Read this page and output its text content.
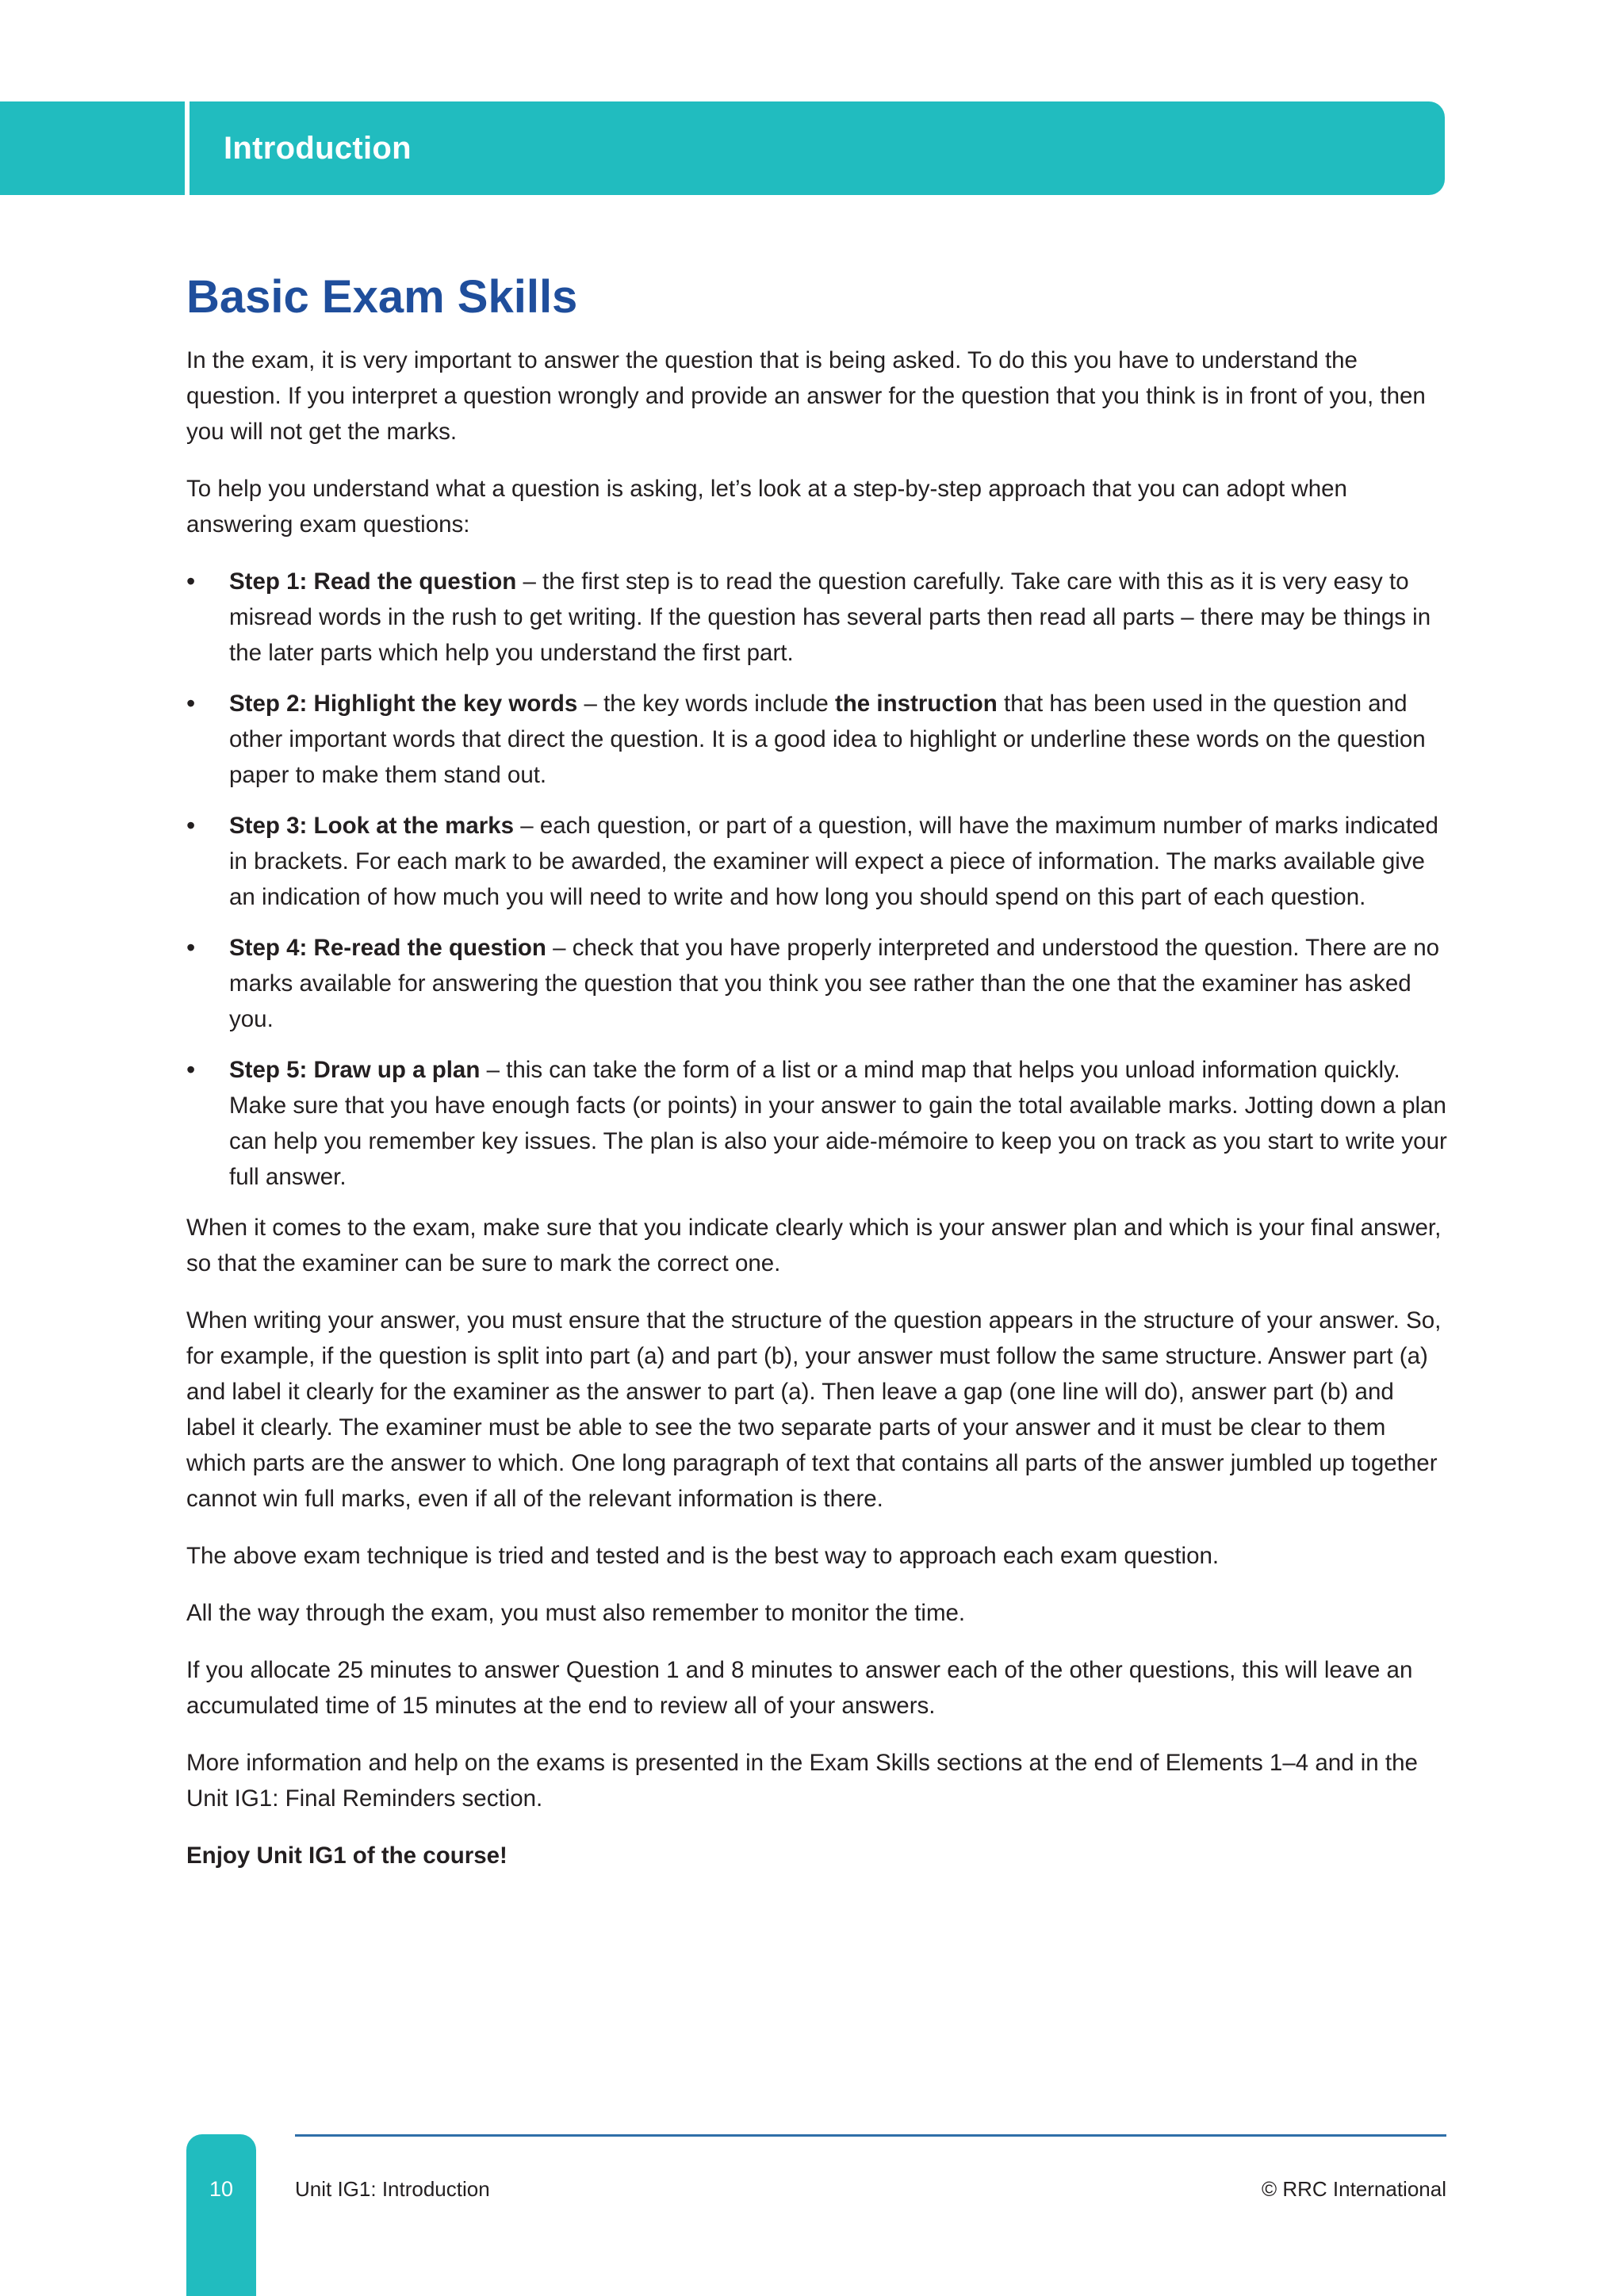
Introduction
Basic Exam Skills

In the exam, it is very important to answer the question that is being asked. To do this you have to understand the question. If you interpret a question wrongly and provide an answer for the question that you think is in front of you, then you will not get the marks.

To help you understand what a question is asking, let’s look at a step-by-step approach that you can adopt when answering exam questions:

• Step 1: Read the question – the first step is to read the question carefully. Take care with this as it is very easy to misread words in the rush to get writing. If the question has several parts then read all parts – there may be things in the later parts which help you understand the first part.
• Step 2: Highlight the key words – the key words include the instruction that has been used in the question and other important words that direct the question. It is a good idea to highlight or underline these words on the question paper to make them stand out.
• Step 3: Look at the marks – each question, or part of a question, will have the maximum number of marks indicated in brackets. For each mark to be awarded, the examiner will expect a piece of information. The marks available give an indication of how much you will need to write and how long you should spend on this part of each question.
• Step 4: Re-read the question – check that you have properly interpreted and understood the question. There are no marks available for answering the question that you think you see rather than the one that the examiner has asked you.
• Step 5: Draw up a plan – this can take the form of a list or a mind map that helps you unload information quickly. Make sure that you have enough facts (or points) in your answer to gain the total available marks. Jotting down a plan can help you remember key issues. The plan is also your aide-mémoire to keep you on track as you start to write your full answer.

When it comes to the exam, make sure that you indicate clearly which is your answer plan and which is your final answer, so that the examiner can be sure to mark the correct one.

When writing your answer, you must ensure that the structure of the question appears in the structure of your answer. So, for example, if the question is split into part (a) and part (b), your answer must follow the same structure. Answer part (a) and label it clearly for the examiner as the answer to part (a). Then leave a gap (one line will do), answer part (b) and label it clearly. The examiner must be able to see the two separate parts of your answer and it must be clear to them which parts are the answer to which. One long paragraph of text that contains all parts of the answer jumbled up together cannot win full marks, even if all of the relevant information is there.

The above exam technique is tried and tested and is the best way to approach each exam question.

All the way through the exam, you must also remember to monitor the time.

If you allocate 25 minutes to answer Question 1 and 8 minutes to answer each of the other questions, this will leave an accumulated time of 15 minutes at the end to review all of your answers.

More information and help on the exams is presented in the Exam Skills sections at the end of Elements 1–4 and in the Unit IG1: Final Reminders section.

Enjoy Unit IG1 of the course!

10	Unit IG1: Introduction	© RRC International
